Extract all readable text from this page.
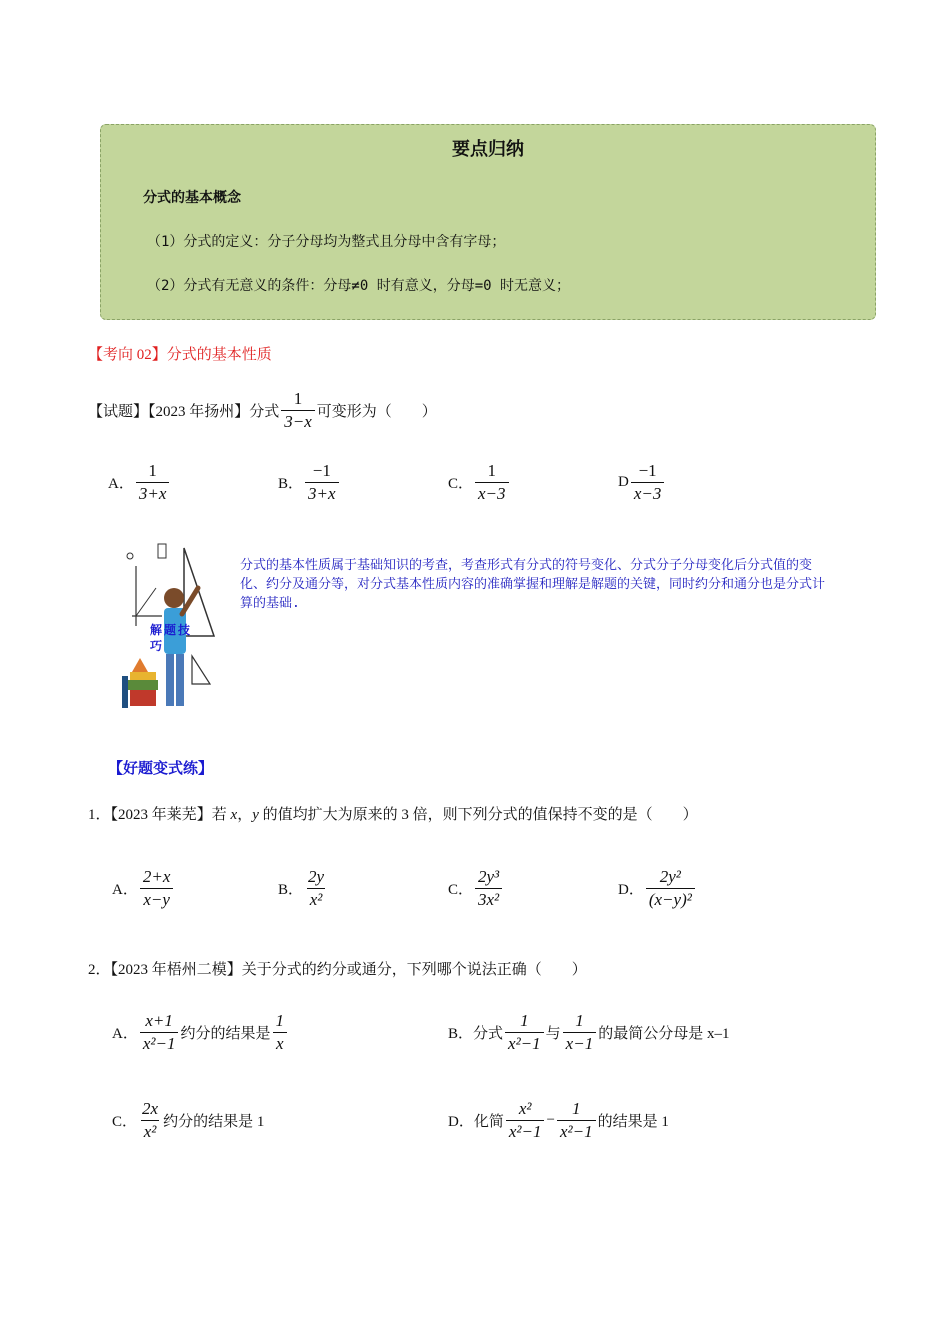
要点归纳
分式的基本概念
（1）分式的定义：分子分母均为整式且分母中含有字母；
（2）分式有无意义的条件：分母≠0 时有意义，分母=0 时无意义；
【考向 02】分式的基本性质
【试题】【2023 年扬州】分式 $\frac{1}{3-x}$ 可变形为（　　）
A． $\frac{1}{3+x}$	B． $\frac{-1}{3+x}$	C． $\frac{1}{x-3}$	D $\frac{-1}{x-3}$
解题技巧
分式的基本性质属于基础知识的考查，考查形式有分式的符号变化、分式分子分母变化后分式值的变化、约分及通分等，对分式基本性质内容的准确掌握和理解是解题的关键，同时约分和通分也是分式计算的基础.
【好题变式练】
1．【2023 年莱芜】若 x，y 的值均扩大为原来的 3 倍，则下列分式的值保持不变的是（　　）
A． $\frac{2+x}{x-y}$	B． $\frac{2y}{\text{x²}}$	C． $\frac{\text{2y³}}{\text{3x²}}$	D． $\frac{\text{2y²}}{\text{(x−y)²}}$
2．【2023 年梧州二模】关于分式的约分或通分，下列哪个说法正确（　　）
A． $\frac{x+1}{\text{x²−1}}$ 约分的结果是 $\frac{1}{x}$	B． 分式 $\frac{1}{\text{x²−1}}$ 与 $\frac{1}{x-1}$ 的最简公分母是 x–1
C． $\frac{2x}{\text{x²}}$ 约分的结果是 1	D． 化简 $\frac{\text{x²}}{\text{x²−1}} - \frac{1}{\text{x²−1}}$ 的结果是 1
